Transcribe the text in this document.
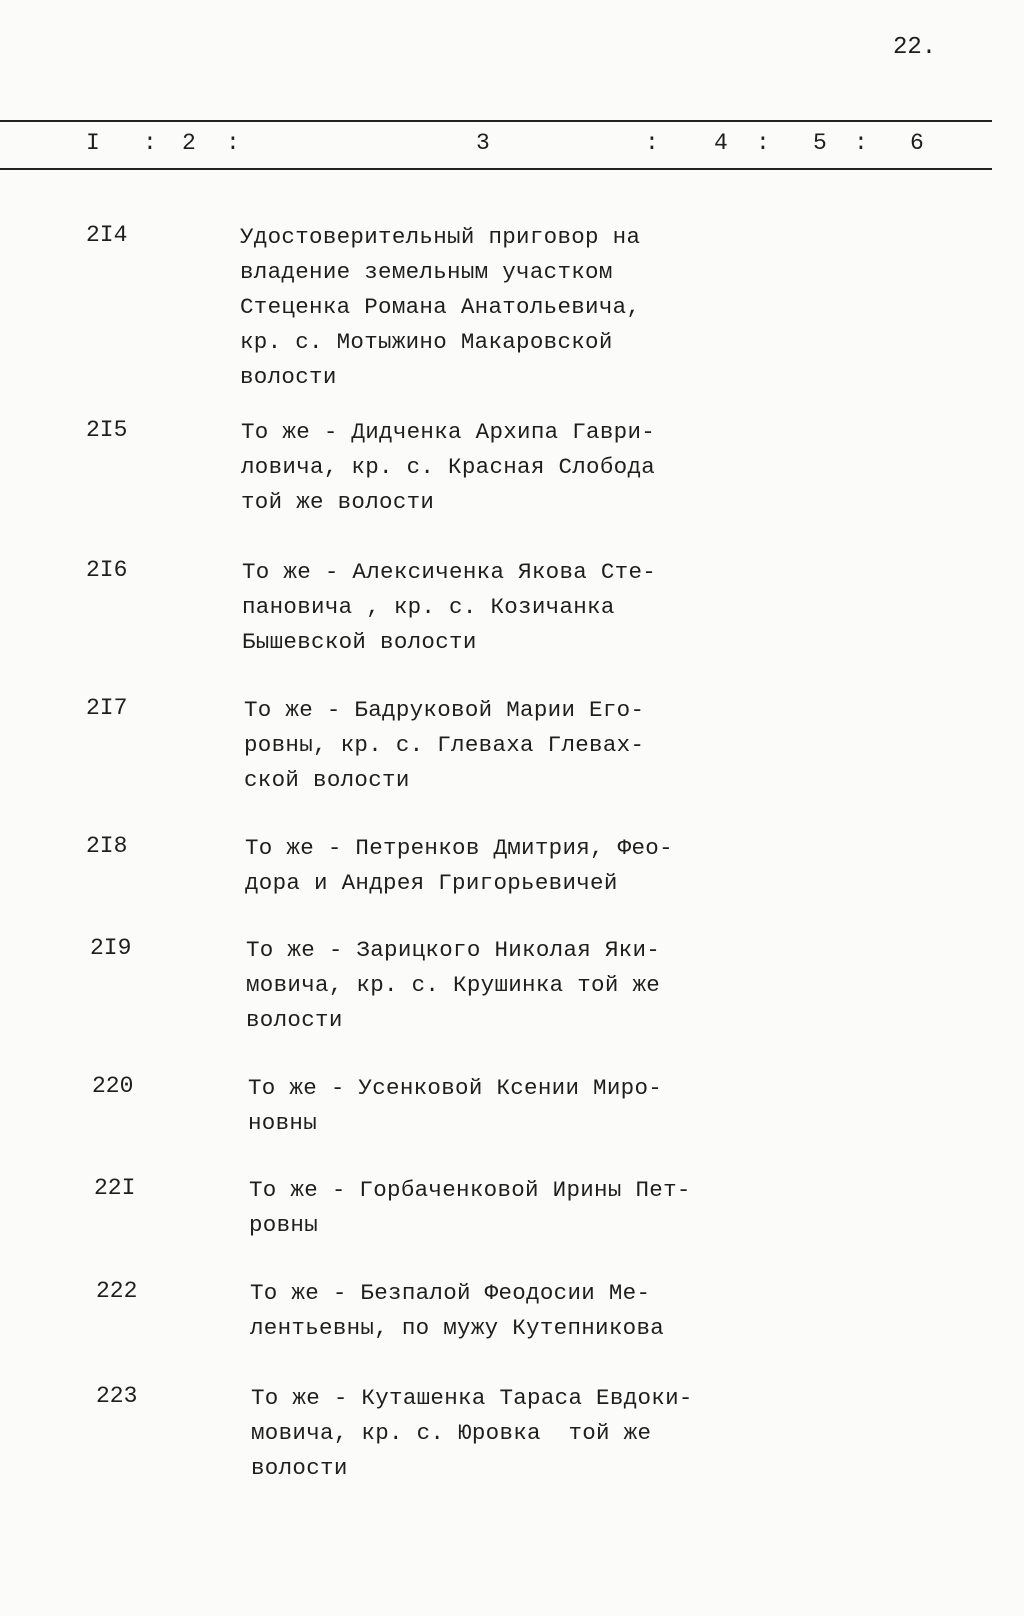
22.
I : 2 :	3	: 4 : 5 : 6
2I4	Удостоверительный приговор на
владение земельным участком
Стеценка Романа Анатольевича,
кр. с. Мотыжино Макаровской
волости
2I5	То же - Дидченка Архипа Гаври-
ловича, кр. с. Красная Слобода
той же волости
2I6	То же - Алексиченка Якова Сте-
пановича , кр. с. Козичанка
Бышевской волости
2I7	То же - Бадруковой Марии Его-
ровны, кр. с. Глеваха Глевах-
ской волости
2I8	То же - Петренков Дмитрия, Фео-
дора и Андрея Григорьевичей
2I9	То же - Зарицкого Николая Яки-
мовича, кр. с. Крушинка той же
волости
220	То же - Усенковой Ксении Миро-
новны
22I	То же - Горбаченковой Ирины Пет-
ровны
222	То же - Безпалой Феодосии Ме-
лентьевны, по мужу Кутепникова
223	То же - Куташенка Тараса Евдоки-
мовича, кр. с. Юровка  той же
волости
